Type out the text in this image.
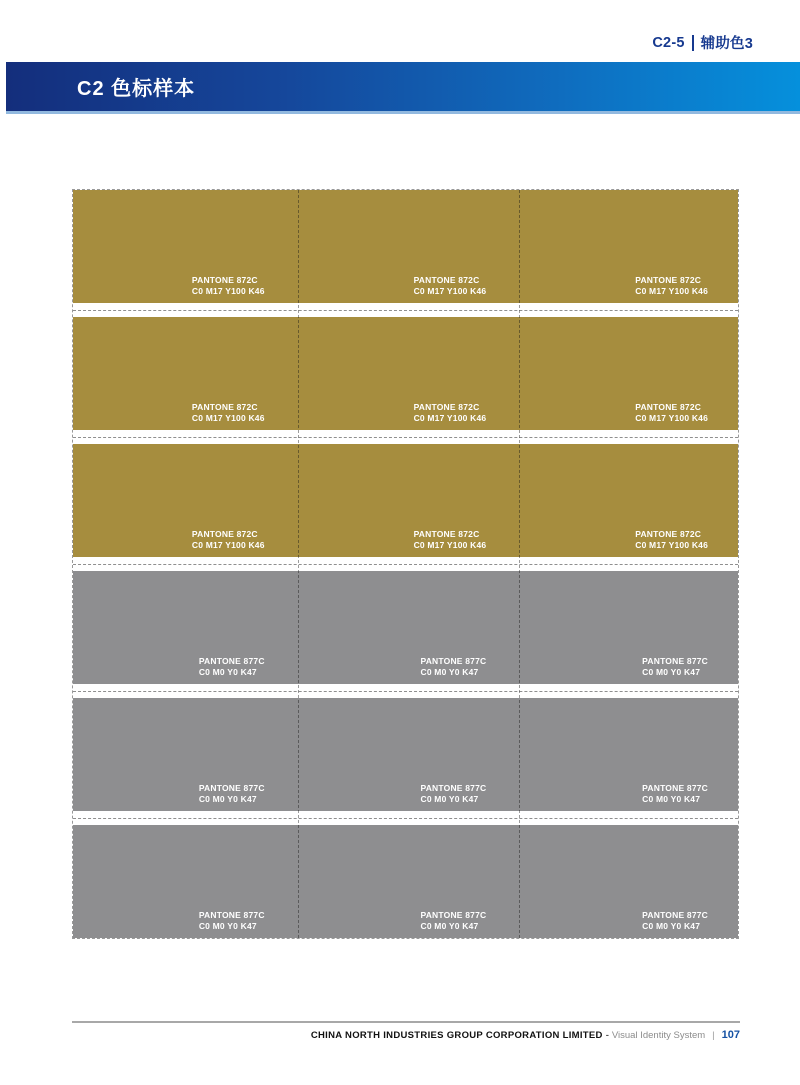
C2-5 辅助色3
C2 色标样本
PANTONE 872C
C0 M17 Y100 K46
PANTONE 872C
C0 M17 Y100 K46
PANTONE 872C
C0 M17 Y100 K46
PANTONE 872C
C0 M17 Y100 K46
PANTONE 872C
C0 M17 Y100 K46
PANTONE 872C
C0 M17 Y100 K46
PANTONE 872C
C0 M17 Y100 K46
PANTONE 872C
C0 M17 Y100 K46
PANTONE 872C
C0 M17 Y100 K46
PANTONE 877C
C0 M0 Y0 K47
PANTONE 877C
C0 M0 Y0 K47
PANTONE 877C
C0 M0 Y0 K47
PANTONE 877C
C0 M0 Y0 K47
PANTONE 877C
C0 M0 Y0 K47
PANTONE 877C
C0 M0 Y0 K47
PANTONE 877C
C0 M0 Y0 K47
PANTONE 877C
C0 M0 Y0 K47
PANTONE 877C
C0 M0 Y0 K47
CHINA NORTH INDUSTRIES GROUP CORPORATION LIMITED - Visual Identity System | 107
